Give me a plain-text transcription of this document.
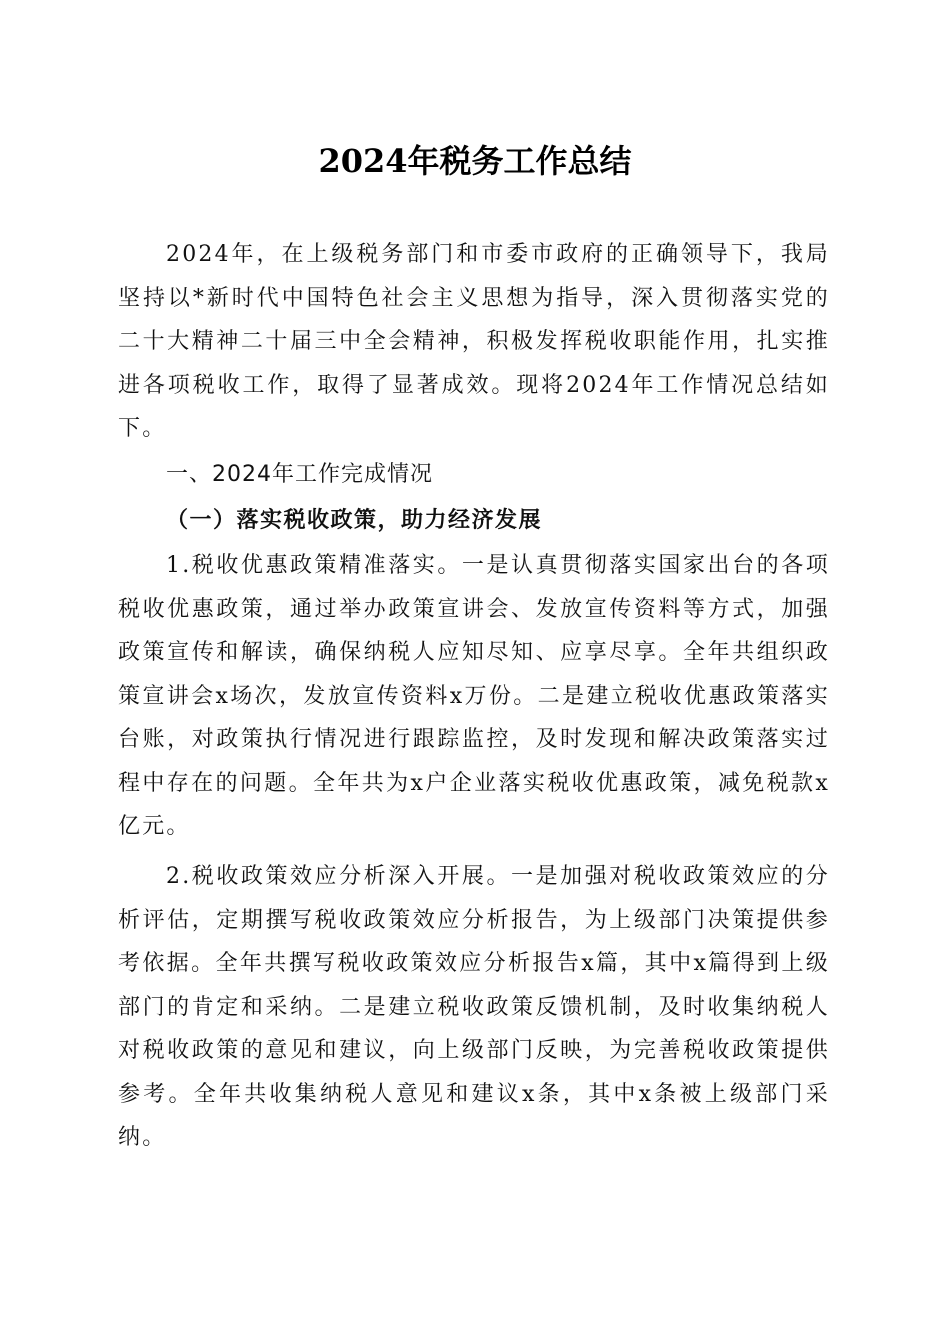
2024年税务工作总结

2024年，在上级税务部门和市委市政府的正确领导下，我局坚持以*新时代中国特色社会主义思想为指导，深入贯彻落实党的二十大精神二十届三中全会精神，积极发挥税收职能作用，扎实推进各项税收工作，取得了显著成效。现将2024年工作情况总结如下。

一、2024年工作完成情况

（一）落实税收政策，助力经济发展

1.税收优惠政策精准落实。一是认真贯彻落实国家出台的各项税收优惠政策，通过举办政策宣讲会、发放宣传资料等方式，加强政策宣传和解读，确保纳税人应知尽知、应享尽享。全年共组织政策宣讲会x场次，发放宣传资料x万份。二是建立税收优惠政策落实台账，对政策执行情况进行跟踪监控，及时发现和解决政策落实过程中存在的问题。全年共为x户企业落实税收优惠政策，减免税款x亿元。

2.税收政策效应分析深入开展。一是加强对税收政策效应的分析评估，定期撰写税收政策效应分析报告，为上级部门决策提供参考依据。全年共撰写税收政策效应分析报告x篇，其中x篇得到上级部门的肯定和采纳。二是建立税收政策反馈机制，及时收集纳税人对税收政策的意见和建议，向上级部门反映，为完善税收政策提供参考。全年共收集纳税人意见和建议x条，其中x条被上级部门采纳。
